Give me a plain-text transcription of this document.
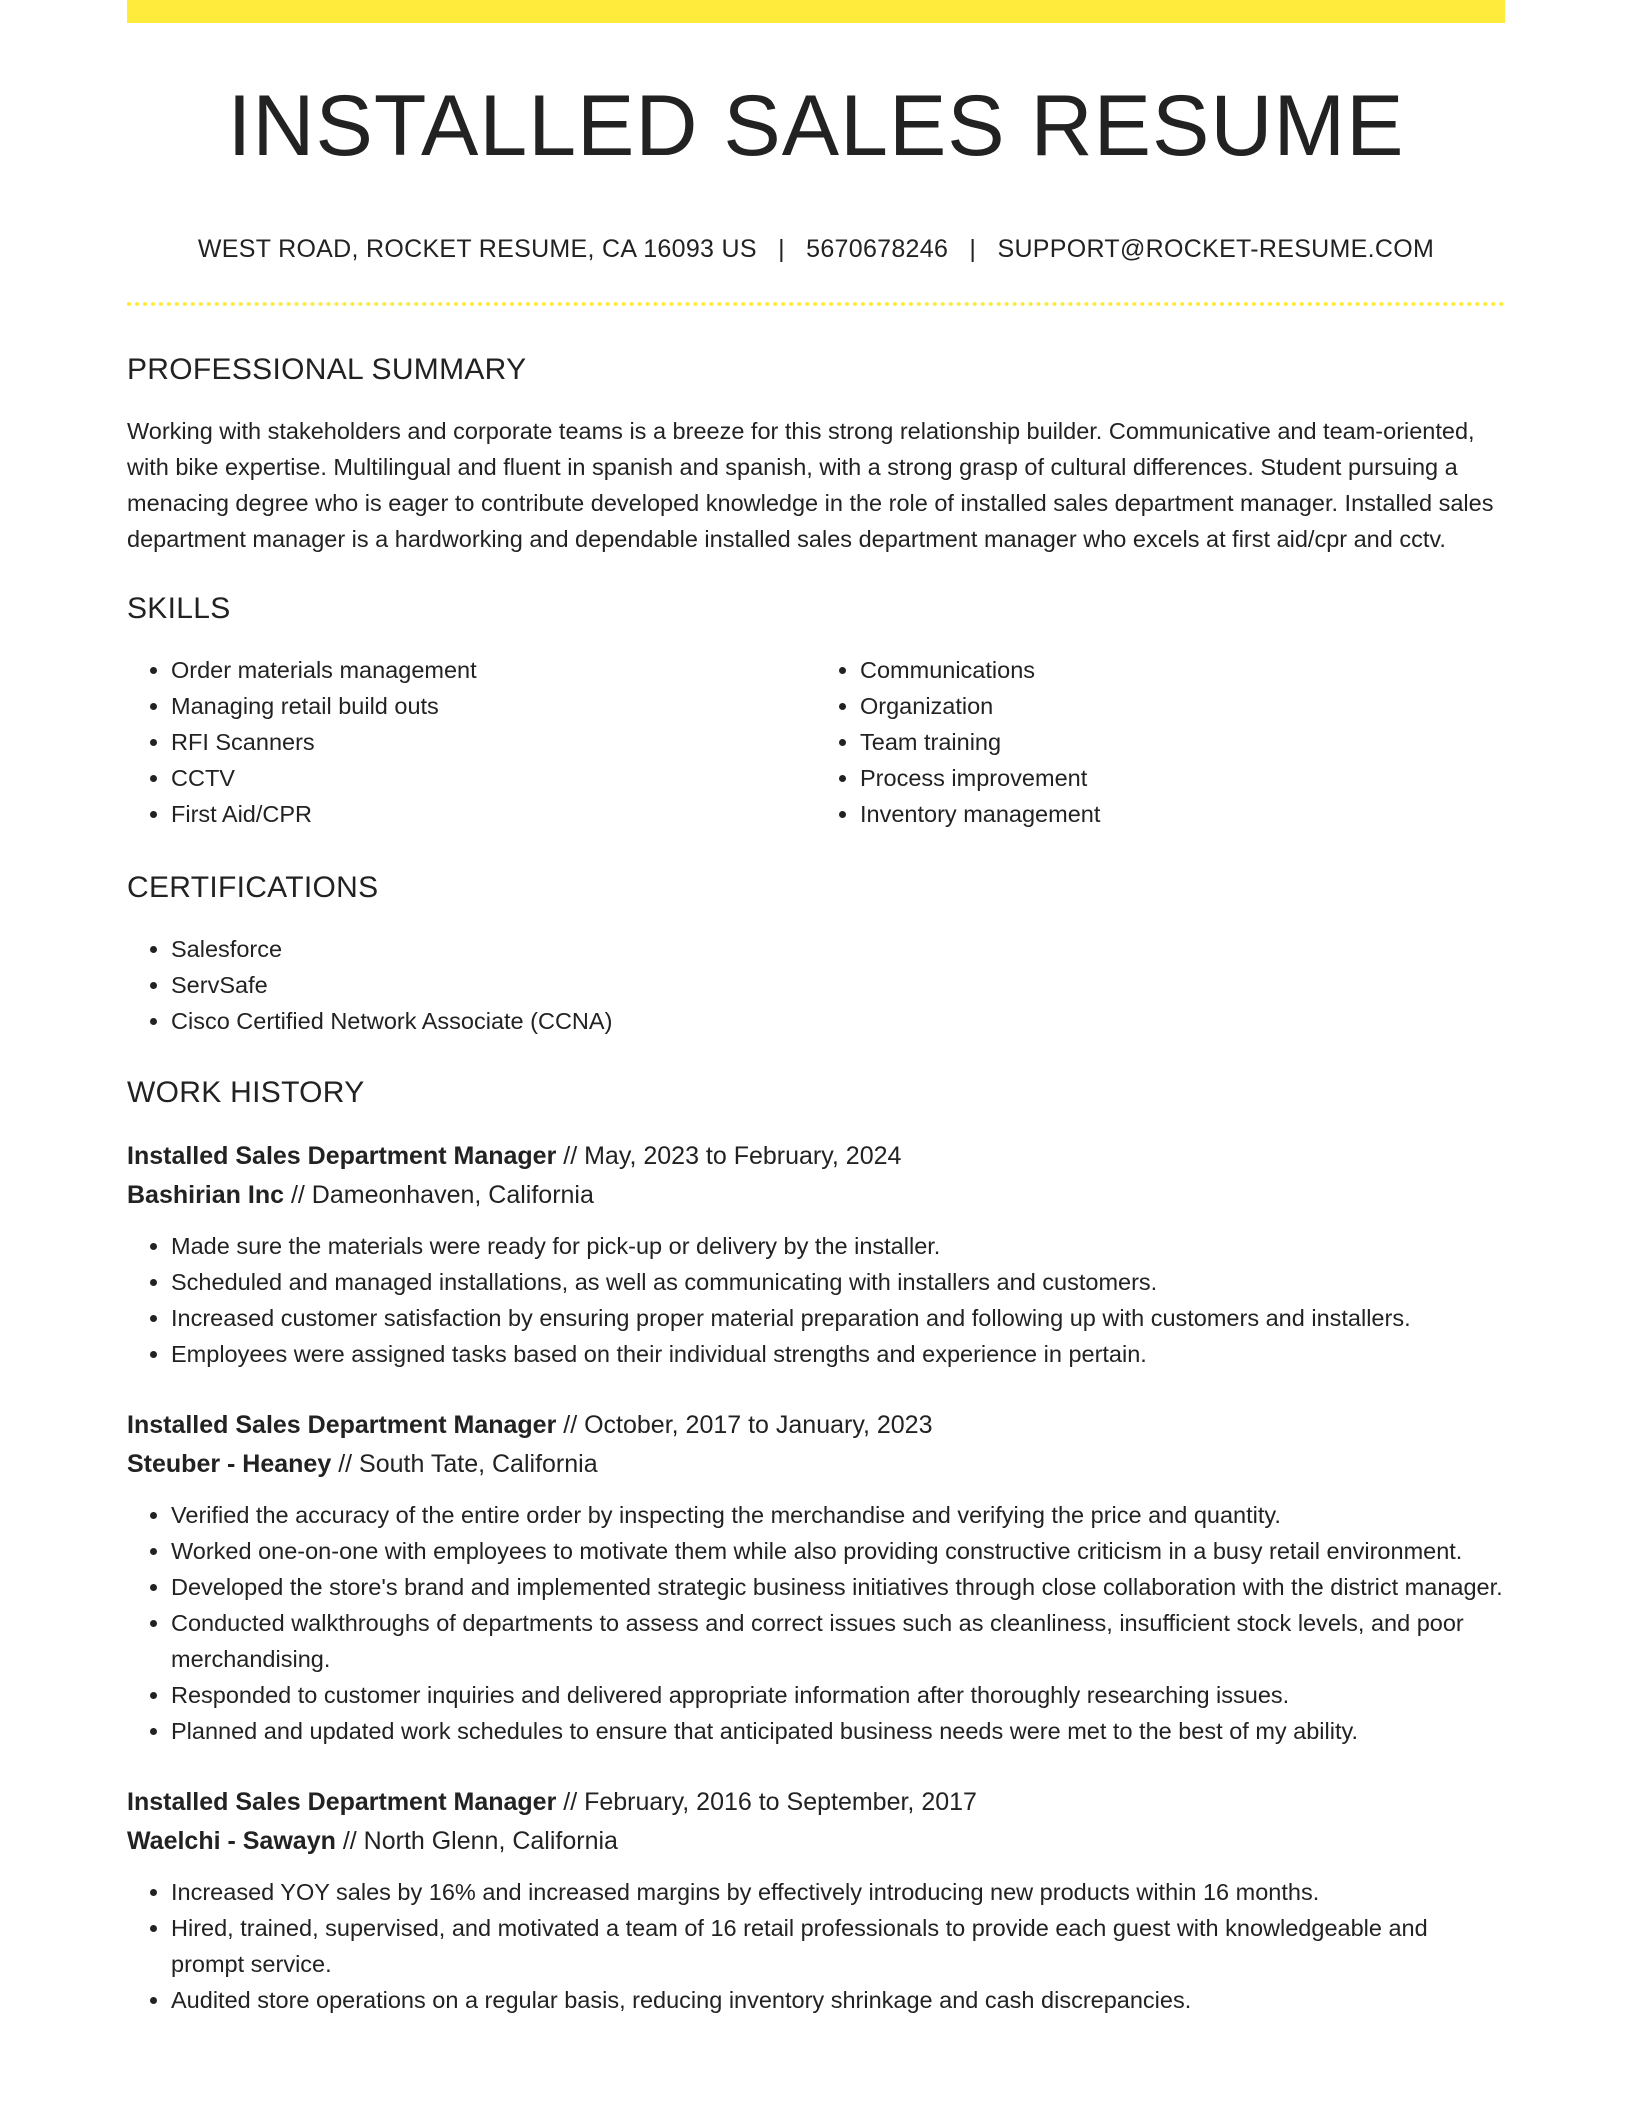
INSTALLED SALES RESUME
WEST ROAD, ROCKET RESUME, CA 16093 US | 5670678246 | SUPPORT@ROCKET-RESUME.COM
PROFESSIONAL SUMMARY

Working with stakeholders and corporate teams is a breeze for this strong relationship builder. Communicative and team-oriented, with bike expertise. Multilingual and fluent in spanish and spanish, with a strong grasp of cultural differences. Student pursuing a menacing degree who is eager to contribute developed knowledge in the role of installed sales department manager. Installed sales department manager is a hardworking and dependable installed sales department manager who excels at first aid/cpr and cctv.

SKILLS
• Order materials management
• Managing retail build outs
• RFI Scanners
• CCTV
• First Aid/CPR
• Communications
• Organization
• Team training
• Process improvement
• Inventory management
CERTIFICATIONS
• Salesforce
• ServSafe
• Cisco Certified Network Associate (CCNA)
WORK HISTORY
Installed Sales Department Manager // May, 2023 to February, 2024
Bashirian Inc // Dameonhaven, California
• Made sure the materials were ready for pick-up or delivery by the installer.
• Scheduled and managed installations, as well as communicating with installers and customers.
• Increased customer satisfaction by ensuring proper material preparation and following up with customers and installers.
• Employees were assigned tasks based on their individual strengths and experience in pertain.
Installed Sales Department Manager // October, 2017 to January, 2023
Steuber - Heaney // South Tate, California
• Verified the accuracy of the entire order by inspecting the merchandise and verifying the price and quantity.
• Worked one-on-one with employees to motivate them while also providing constructive criticism in a busy retail environment.
• Developed the store's brand and implemented strategic business initiatives through close collaboration with the district manager.
• Conducted walkthroughs of departments to assess and correct issues such as cleanliness, insufficient stock levels, and poor merchandising.
• Responded to customer inquiries and delivered appropriate information after thoroughly researching issues.
• Planned and updated work schedules to ensure that anticipated business needs were met to the best of my ability.
Installed Sales Department Manager // February, 2016 to September, 2017
Waelchi - Sawayn // North Glenn, California
• Increased YOY sales by 16% and increased margins by effectively introducing new products within 16 months.
• Hired, trained, supervised, and motivated a team of 16 retail professionals to provide each guest with knowledgeable and prompt service.
• Audited store operations on a regular basis, reducing inventory shrinkage and cash discrepancies.
